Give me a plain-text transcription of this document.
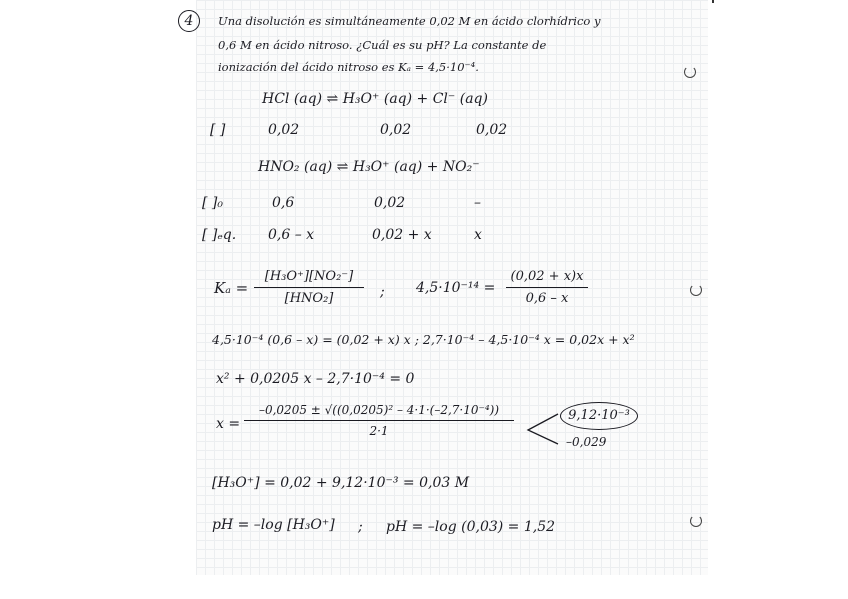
4	Una disolución es simultáneamente 0,02 M en ácido clorhídrico y
0,6 M en ácido nitroso. ¿Cuál es su pH? La constante de
ionización del ácido nitroso es Kₐ = 4,5·10⁻⁴.
HCl (aq) ⇌ H₃O⁺ (aq) + Cl⁻ (aq)
[ ]	0,02	0,02	0,02
HNO₂ (aq) ⇌ H₃O⁺ (aq) + NO₂⁻
[ ]₀	0,6	0,02	–
[ ]ₑq. 0,6 – x	0,02 + x	x
Kₐ =
[H₃O⁺][NO₂⁻]
[HNO₂]	; 4,5·10⁻¹⁴ =
(0,02 + x)x
0,6 – x
4,5·10⁻⁴ (0,6 – x) = (0,02 + x) x ; 2,7·10⁻⁴ – 4,5·10⁻⁴ x = 0,02x + x²
x² + 0,0205 x – 2,7·10⁻⁴ = 0
x =
–0,0205 ± √((0,0205)² – 4·1·(–2,7·10⁻⁴))
2·1
9,12·10⁻³
–0,029
[H₃O⁺] = 0,02 + 9,12·10⁻³ = 0,03 M
pH = –log [H₃O⁺] ; pH = –log (0,03) = 1,52
